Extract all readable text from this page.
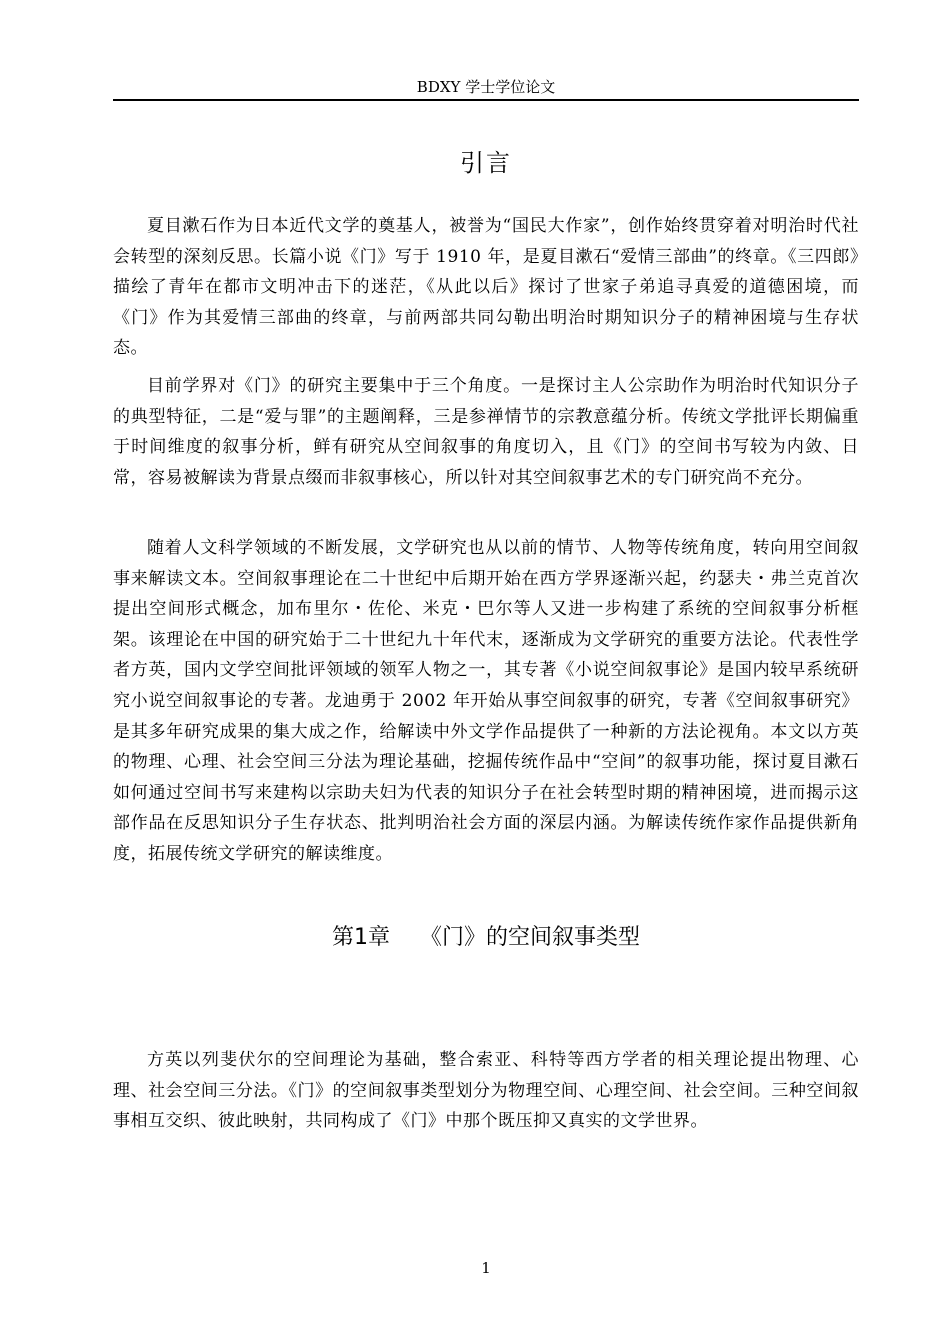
BDXY 学士学位论文
引言

夏目漱石作为日本近代文学的奠基人，被誉为“国民大作家”，创作始终贯穿着对明治时代社会转型的深刻反思。长篇小说《门》写于 1910 年，是夏目漱石“爱情三部曲”的终章。《三四郎》描绘了青年在都市文明冲击下的迷茫，《从此以后》探讨了世家子弟追寻真爱的道德困境，而《门》作为其爱情三部曲的终章，与前两部共同勾勒出明治时期知识分子的精神困境与生存状态。

目前学界对《门》的研究主要集中于三个角度。一是探讨主人公宗助作为明治时代知识分子的典型特征，二是“爱与罪”的主题阐释，三是参禅情节的宗教意蕴分析。传统文学批评长期偏重于时间维度的叙事分析，鲜有研究从空间叙事的角度切入，且《门》的空间书写较为内敛、日常，容易被解读为背景点缀而非叙事核心，所以针对其空间叙事艺术的专门研究尚不充分。

随着人文科学领域的不断发展，文学研究也从以前的情节、人物等传统角度，转向用空间叙事来解读文本。空间叙事理论在二十世纪中后期开始在西方学界逐渐兴起，约瑟夫・弗兰克首次提出空间形式概念，加布里尔・佐伦、米克・巴尔等人又进一步构建了系统的空间叙事分析框架。该理论在中国的研究始于二十世纪九十年代末，逐渐成为文学研究的重要方法论。代表性学者方英，国内文学空间批评领域的领军人物之一，其专著《小说空间叙事论》是国内较早系统研究小说空间叙事论的专著。龙迪勇于 2002 年开始从事空间叙事的研究，专著《空间叙事研究》是其多年研究成果的集大成之作，给解读中外文学作品提供了一种新的方法论视角。本文以方英的物理、心理、社会空间三分法为理论基础，挖掘传统作品中“空间”的叙事功能，探讨夏目漱石如何通过空间书写来建构以宗助夫妇为代表的知识分子在社会转型时期的精神困境，进而揭示这部作品在反思知识分子生存状态、批判明治社会方面的深层内涵。为解读传统作家作品提供新角度，拓展传统文学研究的解读维度。

第1章 《门》的空间叙事类型

方英以列斐伏尔的空间理论为基础，整合索亚、科特等西方学者的相关理论提出物理、心理、社会空间三分法。《门》的空间叙事类型划分为物理空间、心理空间、社会空间。三种空间叙事相互交织、彼此映射，共同构成了《门》中那个既压抑又真实的文学世界。

1
